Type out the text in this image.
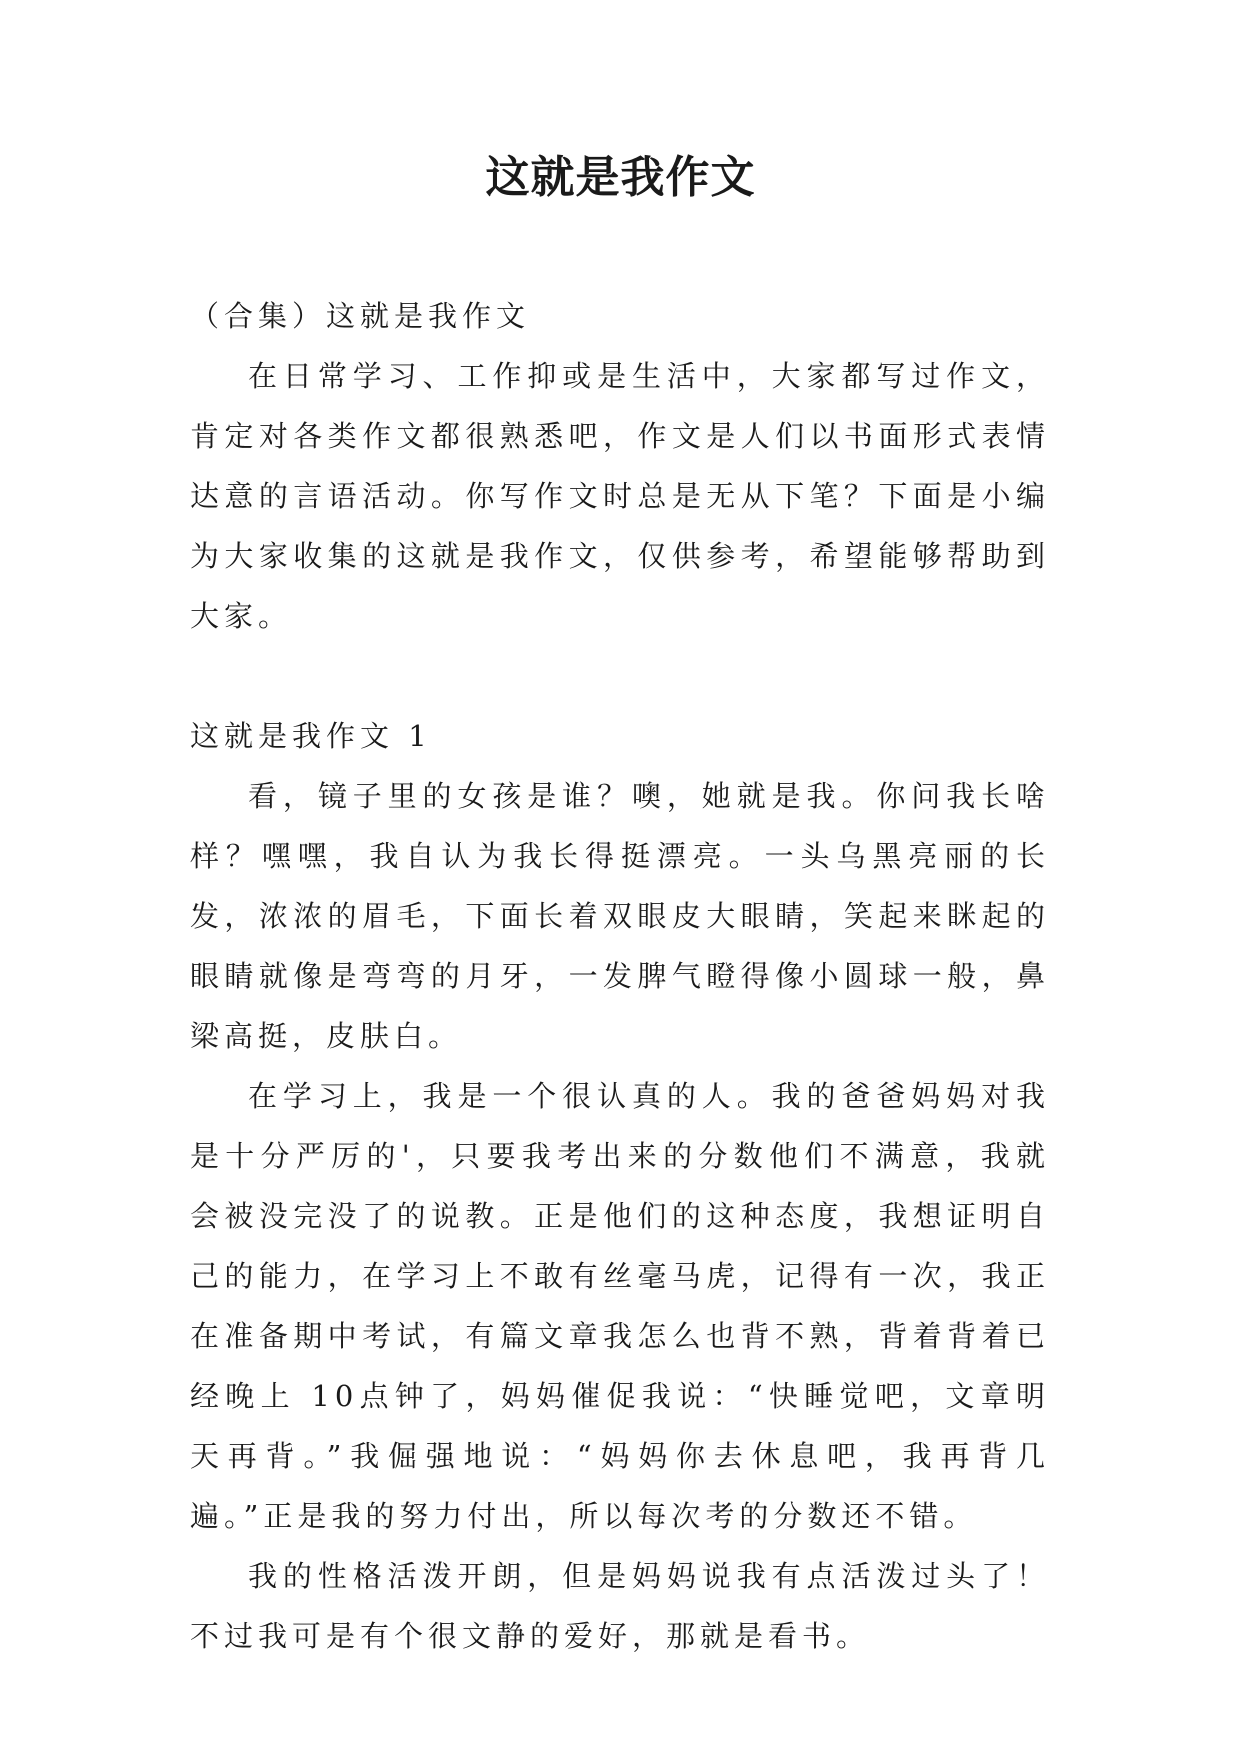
这就是我作文
（合集）这就是我作文

在日常学习、工作抑或是生活中，大家都写过作文，肯定对各类作文都很熟悉吧，作文是人们以书面形式表情达意的言语活动。你写作文时总是无从下笔？下面是小编为大家收集的这就是我作文，仅供参考，希望能够帮助到大家。

这就是我作文 1

看，镜子里的女孩是谁？噢，她就是我。你问我长啥样？嘿嘿，我自认为我长得挺漂亮。一头乌黑亮丽的长发，浓浓的眉毛，下面长着双眼皮大眼睛，笑起来眯起的眼睛就像是弯弯的月牙，一发脾气瞪得像小圆球一般，鼻梁高挺，皮肤白。

在学习上，我是一个很认真的人。我的爸爸妈妈对我是十分严厉的'，只要我考出来的分数他们不满意，我就会被没完没了的说教。正是他们的这种态度，我想证明自己的能力，在学习上不敢有丝毫马虎，记得有一次，我正在准备期中考试，有篇文章我怎么也背不熟，背着背着已经晚上 10点钟了，妈妈催促我说：“快睡觉吧，文章明天再背。”我倔强地说：“妈妈你去休息吧，我再背几遍。”正是我的努力付出，所以每次考的分数还不错。

我的性格活泼开朗，但是妈妈说我有点活泼过头了！不过我可是有个很文静的爱好，那就是看书。
